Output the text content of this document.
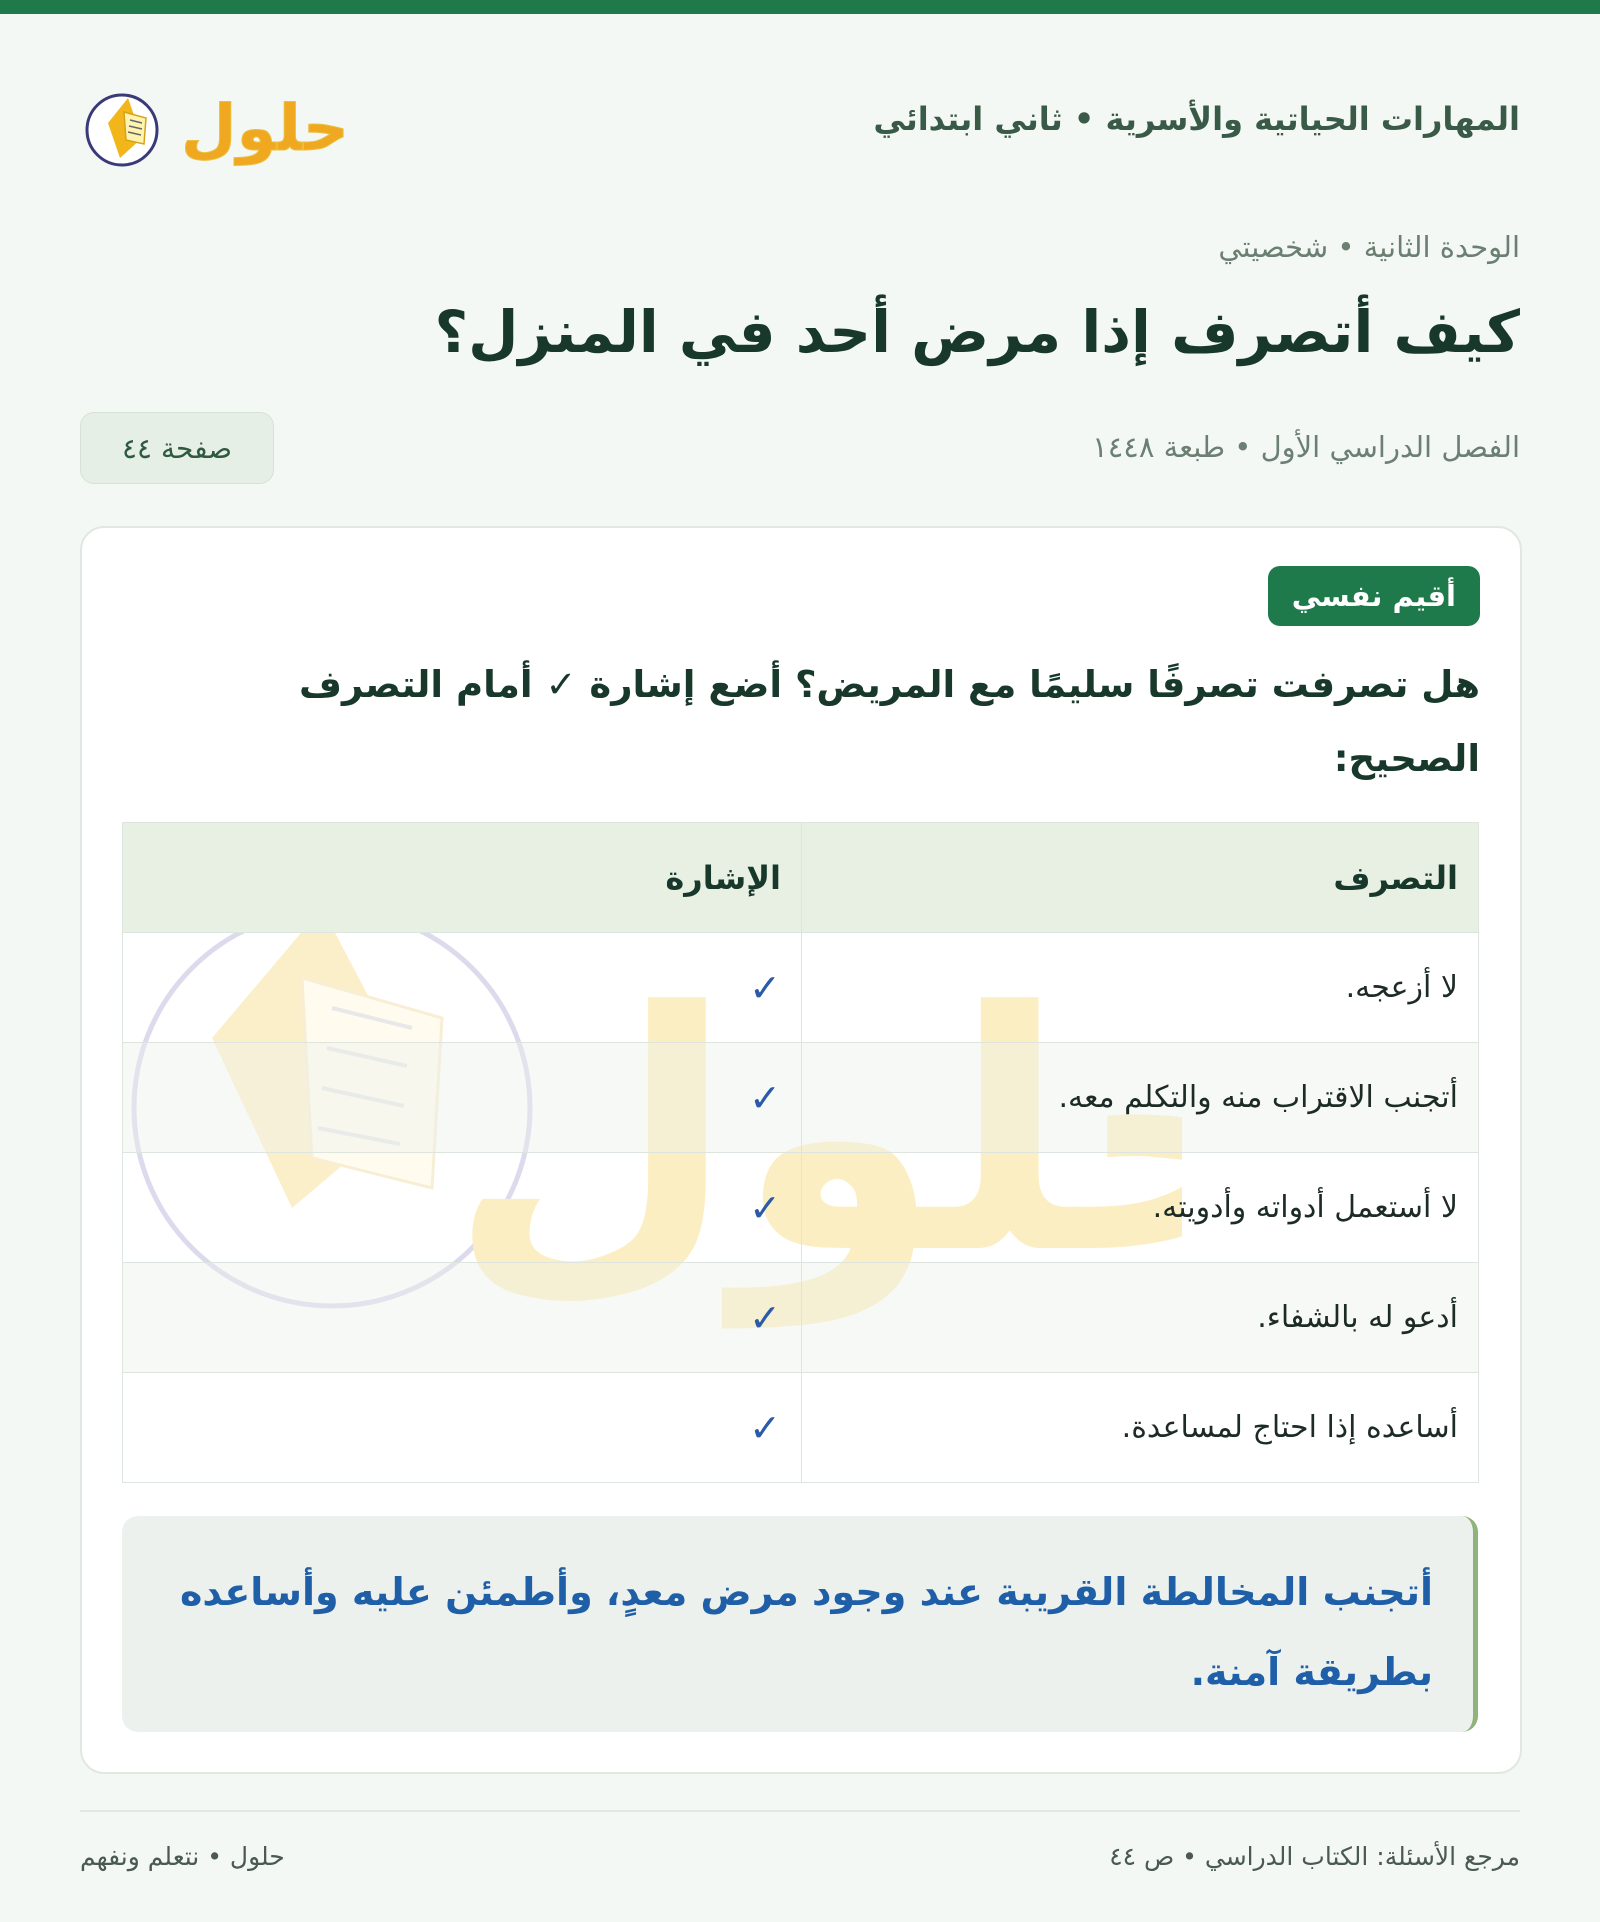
المهارات الحياتية والأسرية • ثاني ابتدائي
حلول
الوحدة الثانية • شخصيتي
كيف أتصرف إذا مرض أحد في المنزل؟
الفصل الدراسي الأول • طبعة ١٤٤٨
صفحة ٤٤
أقيم نفسي
هل تصرفت تصرفًا سليمًا مع المريض؟ أضع إشارة ✓ أمام التصرف الصحيح:
التصرف	الإشارة
لا أزعجه.	✓
أتجنب الاقتراب منه والتكلم معه.	✓
لا أستعمل أدواته وأدويته.	✓
أدعو له بالشفاء.	✓
أساعده إذا احتاج لمساعدة.	✓
أتجنب المخالطة القريبة عند وجود مرض معدٍ، وأطمئن عليه وأساعده بطريقة آمنة.
مرجع الأسئلة: الكتاب الدراسي • ص ٤٤
حلول • نتعلم ونفهم
